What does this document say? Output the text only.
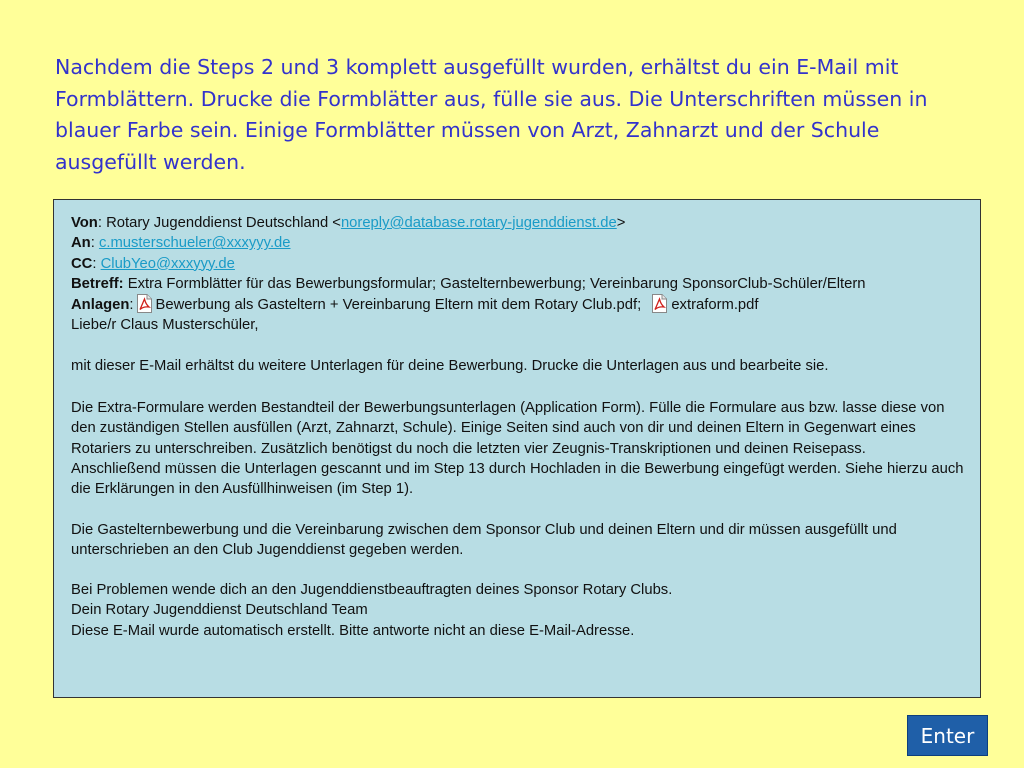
Nachdem die Steps 2 und 3 komplett ausgefüllt wurden, erhältst du ein E-Mail mit Formblättern. Drucke die Formblätter aus, fülle sie aus. Die Unterschriften müssen in blauer Farbe sein. Einige Formblätter müssen von Arzt, Zahnarzt und der Schule ausgefüllt werden.

Von: Rotary Jugenddienst Deutschland <noreply@database.rotary-jugenddienst.de>

An: c.musterschueler@xxxyyy.de

CC: ClubYeo@xxxyyy.de

Betreff: Extra Formblätter für das Bewerbungsformular; Gastelternbewerbung; Vereinbarung SponsorClub-Schüler/Eltern

Anlagen: Bewerbung als Gasteltern + Vereinbarung Eltern mit dem Rotary Club.pdf; extraform.pdf

Liebe/r Claus Musterschüler,

mit dieser E-Mail erhältst du weitere Unterlagen für deine Bewerbung. Drucke die Unterlagen aus und bearbeite sie.

Die Extra-Formulare werden Bestandteil der Bewerbungsunterlagen (Application Form). Fülle die Formulare aus bzw. lasse diese von den zuständigen Stellen ausfüllen (Arzt, Zahnarzt, Schule). Einige Seiten sind auch von dir und deinen Eltern in Gegenwart eines Rotariers zu unterschreiben. Zusätzlich benötigst du noch die letzten vier Zeugnis-Transkriptionen und deinen Reisepass.

Anschließend müssen die Unterlagen gescannt und im Step 13 durch Hochladen in die Bewerbung eingefügt werden. Siehe hierzu auch die Erklärungen in den Ausfüllhinweisen (im Step 1).

Die Gastelternbewerbung und die Vereinbarung zwischen dem Sponsor Club und deinen Eltern und dir müssen ausgefüllt und unterschrieben an den Club Jugenddienst gegeben werden.

Bei Problemen wende dich an den Jugenddienstbeauftragten deines Sponsor Rotary Clubs.

Dein Rotary Jugenddienst Deutschland Team

Diese E-Mail wurde automatisch erstellt. Bitte antworte nicht an diese E-Mail-Adresse.

Enter
